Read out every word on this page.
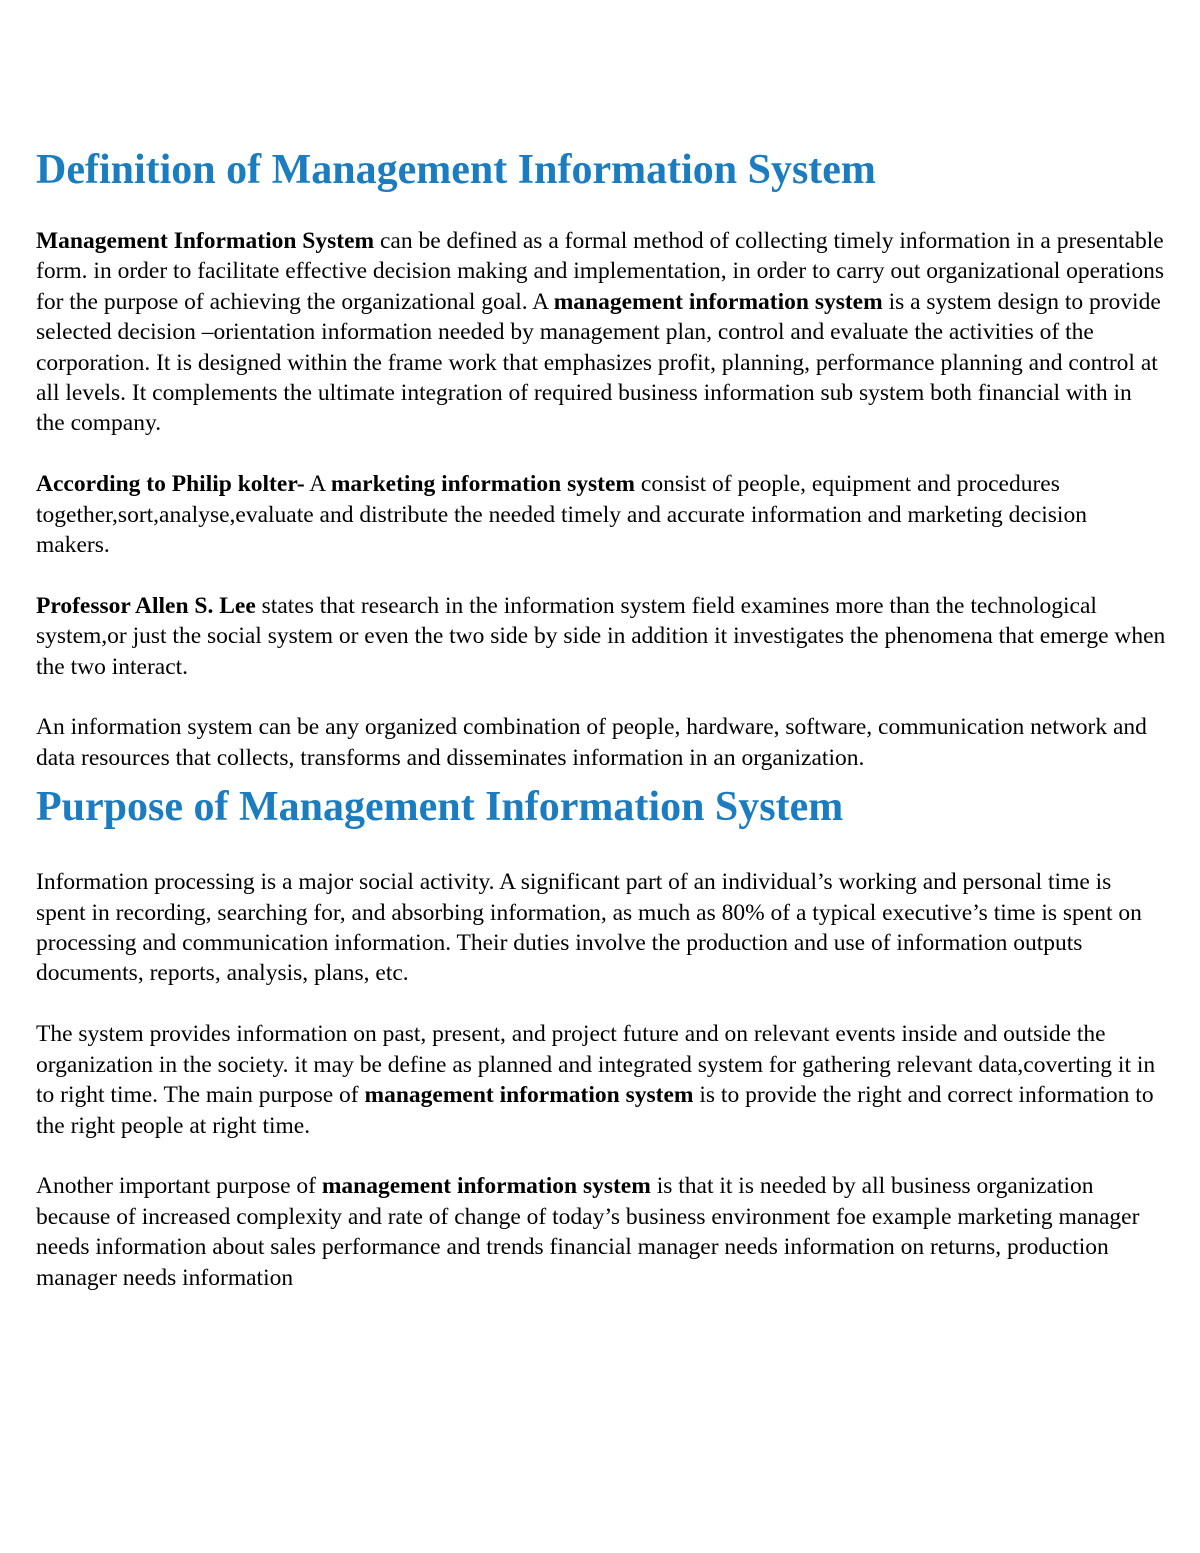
Definition of Management Information System

Management Information System can be defined as a formal method of collecting timely information in a presentable form. in order to facilitate effective decision making and implementation, in order to carry out organizational operations for the purpose of achieving the organizational goal. A management information system is a system design to provide selected decision –orientation information needed by management plan, control and evaluate the activities of the corporation. It is designed within the frame work that emphasizes profit, planning, performance planning and control at all levels. It complements the ultimate integration of required business information sub system both financial with in the company.

According to Philip kolter- A marketing information system consist of people, equipment and procedures together,sort,analyse,evaluate and distribute the needed timely and accurate information and marketing decision makers.

Professor Allen S. Lee states that research in the information system field examines more than the technological system,or just the social system or even the two side by side in addition it investigates the phenomena that emerge when the two interact.

An information system can be any organized combination of people, hardware, software, communication network and data resources that collects, transforms and disseminates information in an organization.

Purpose of Management Information System

Information processing is a major social activity. A significant part of an individual’s working and personal time is spent in recording, searching for, and absorbing information, as much as 80% of a typical executive’s time is spent on processing and communication information. Their duties involve the production and use of information outputs documents, reports, analysis, plans, etc.

The system provides information on past, present, and project future and on relevant events inside and outside the organization in the society. it may be define as planned and integrated system for gathering relevant data,coverting it in to right time. The main purpose of management information system is to provide the right and correct information to the right people at right time.

Another important purpose of management information system is that it is needed by all business organization because of increased complexity and rate of change of today’s business environment foe example marketing manager needs information about sales performance and trends financial manager needs information on returns, production manager needs information
